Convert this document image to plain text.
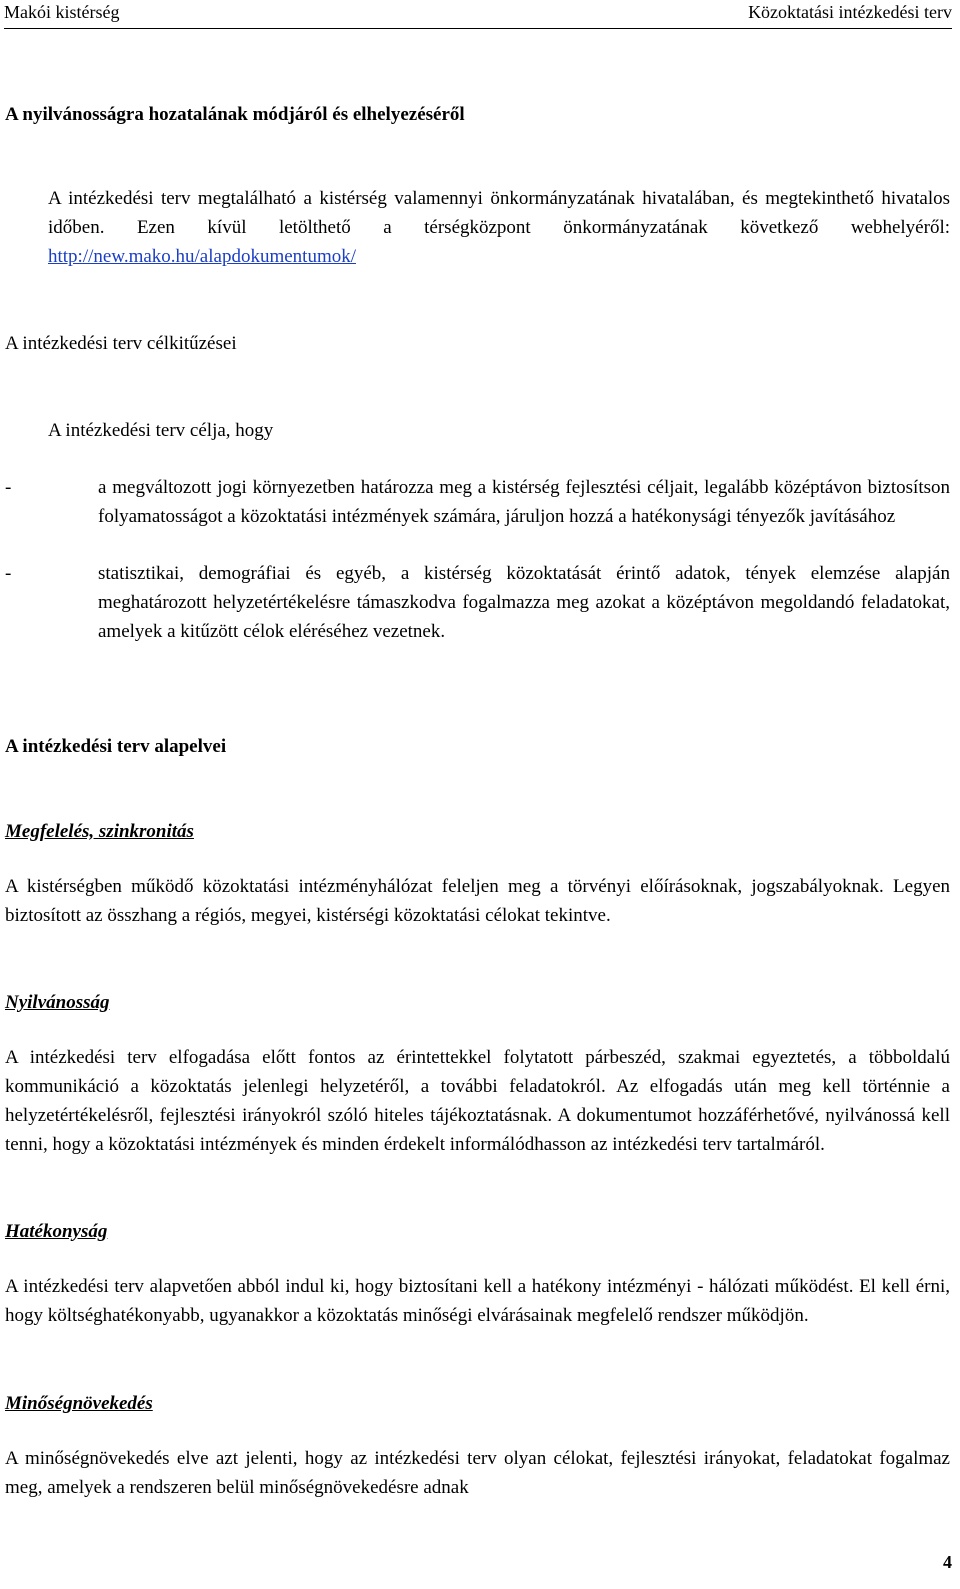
Makói kistérség	Közoktatási intézkedési terv
A nyilvánosságra hozatalának módjáról és elhelyezéséről
A intézkedési terv megtalálható a kistérség valamennyi önkormányzatának hivatalában, és megtekinthető hivatalos időben. Ezen kívül letölthető a térségközpont önkormányzatának következő webhelyéről: http://new.mako.hu/alapdokumentumok/
A intézkedési terv célkitűzései
A intézkedési terv célja, hogy
-	a megváltozott jogi környezetben határozza meg a kistérség fejlesztési céljait, legalább középtávon biztosítson folyamatosságot a közoktatási intézmények számára, járuljon hozzá a hatékonysági tényezők javításához
-	statisztikai, demográfiai és egyéb, a kistérség közoktatását érintő adatok, tények elemzése alapján meghatározott helyzetértékelésre támaszkodva fogalmazza meg azokat a középtávon megoldandó feladatokat, amelyek a kitűzött célok eléréséhez vezetnek.
A intézkedési terv alapelvei
Megfelelés, szinkronitás
A kistérségben működő közoktatási intézményhálózat feleljen meg a törvényi előírásoknak, jogszabályoknak. Legyen biztosított az összhang a régiós, megyei, kistérségi közoktatási célokat tekintve.
Nyilvánosság
A intézkedési terv elfogadása előtt fontos az érintettekkel folytatott párbeszéd, szakmai egyeztetés, a többoldalú kommunikáció a közoktatás jelenlegi helyzetéről, a további feladatokról. Az elfogadás után meg kell történnie a helyzetértékelésről, fejlesztési irányokról szóló hiteles tájékoztatásnak. A dokumentumot hozzáférhetővé, nyilvánossá kell tenni, hogy a közoktatási intézmények és minden érdekelt informálódhasson az intézkedési terv tartalmáról.
Hatékonyság
A intézkedési terv alapvetően abból indul ki, hogy biztosítani kell a hatékony intézményi - hálózati működést. El kell érni, hogy költséghatékonyabb, ugyanakkor a közoktatás minőségi elvárásainak megfelelő rendszer működjön.
Minőségnövekedés
A minőségnövekedés elve azt jelenti, hogy az intézkedési terv olyan célokat, fejlesztési irányokat, feladatokat fogalmaz meg, amelyek a rendszeren belül minőségnövekedésre adnak
4
